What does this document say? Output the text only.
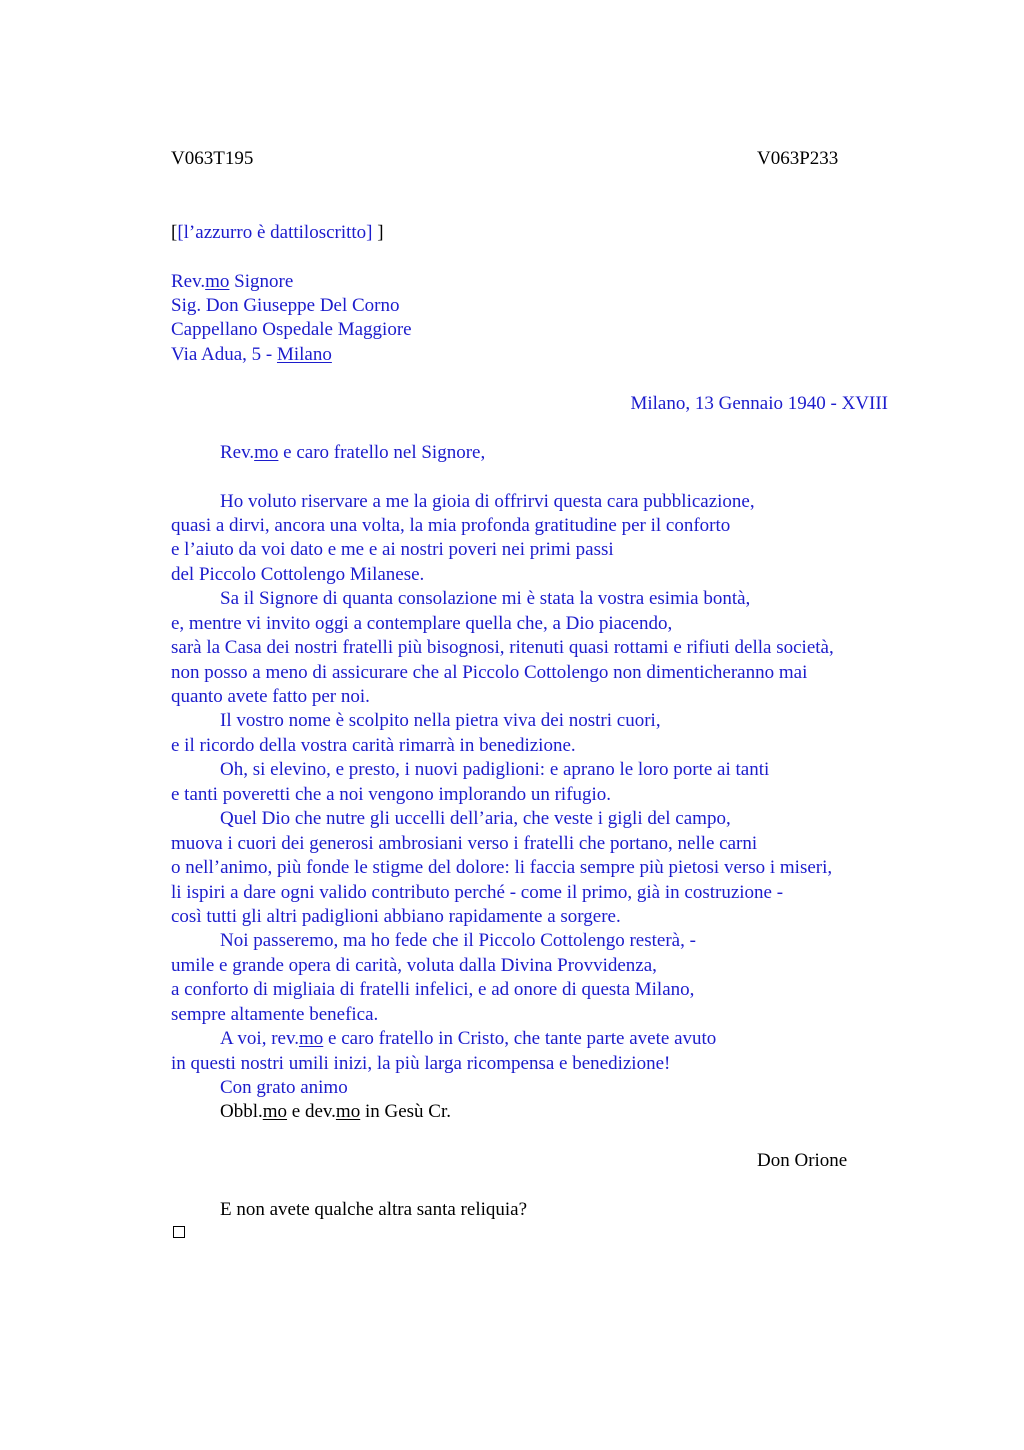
V063T195	V063P233
[[l’azzurro è dattiloscritto] ]
Rev.mo Signore
Sig. Don Giuseppe Del Corno
Cappellano Ospedale Maggiore
Via Adua, 5 - Milano
Milano, 13 Gennaio 1940 - XVIII
Rev.mo e caro fratello nel Signore,
Ho voluto riservare a me la gioia di offrirvi questa cara pubblicazione,
quasi a dirvi, ancora una volta, la mia profonda gratitudine per il conforto
e l’aiuto da voi dato e me e ai nostri poveri nei primi passi
del Piccolo Cottolengo Milanese.
Sa il Signore di quanta consolazione mi è stata la vostra esimia bontà,
e, mentre vi invito oggi a contemplare quella che, a Dio piacendo,
sarà la Casa dei nostri fratelli più bisognosi, ritenuti quasi rottami e rifiuti della società,
non posso a meno di assicurare che al Piccolo Cottolengo non dimenticheranno mai
quanto avete fatto per noi.
Il vostro nome è scolpito nella pietra viva dei nostri cuori,
e il ricordo della vostra carità rimarrà in benedizione.
Oh, si elevino, e presto, i nuovi padiglioni: e aprano le loro porte ai tanti
e tanti poveretti che a noi vengono implorando un rifugio.
Quel Dio che nutre gli uccelli dell’aria, che veste i gigli del campo,
muova i cuori dei generosi ambrosiani verso i fratelli che portano, nelle carni
o nell’animo, più fonde le stigme del dolore: li faccia sempre più pietosi verso i miseri,
li ispiri a dare ogni valido contributo perché - come il primo, già in costruzione -
così tutti gli altri padiglioni abbiano rapidamente a sorgere.
Noi passeremo, ma ho fede che il Piccolo Cottolengo resterà, -
umile e grande opera di carità, voluta dalla Divina Provvidenza,
a conforto di migliaia di fratelli infelici, e ad onore di questa Milano,
sempre altamente benefica.
A voi, rev.mo e caro fratello in Cristo, che tante parte avete avuto
in questi nostri umili inizi, la più larga ricompensa e benedizione!
Con grato animo
Obbl.mo e dev.mo in Gesù Cr.
Don Orione
E non avete qualche altra santa reliquia?
